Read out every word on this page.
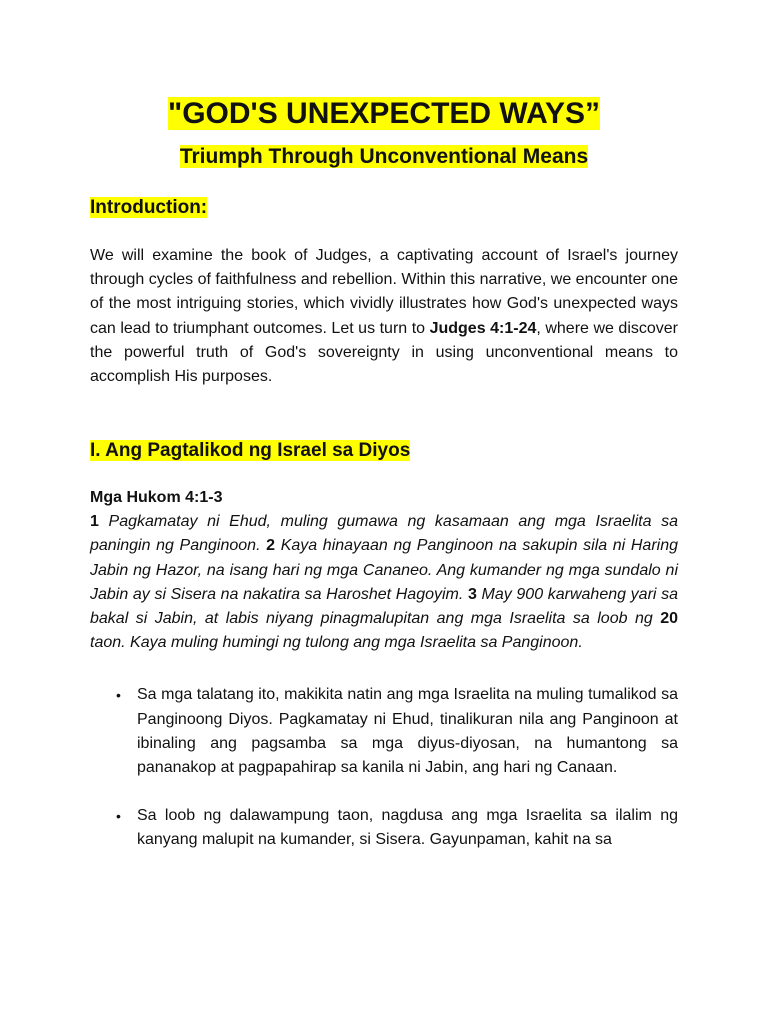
"GOD'S UNEXPECTED WAYS”
Triumph Through Unconventional Means
Introduction:

We will examine the book of Judges, a captivating account of Israel's journey through cycles of faithfulness and rebellion. Within this narrative, we encounter one of the most intriguing stories, which vividly illustrates how God's unexpected ways can lead to triumphant outcomes. Let us turn to Judges 4:1-24, where we discover the powerful truth of God's sovereignty in using unconventional means to accomplish His purposes.

I. Ang Pagtalikod ng Israel sa Diyos
Mga Hukom 4:1-3

1 Pagkamatay ni Ehud, muling gumawa ng kasamaan ang mga Israelita sa paningin ng Panginoon. 2 Kaya hinayaan ng Panginoon na sakupin sila ni Haring Jabin ng Hazor, na isang hari ng mga Cananeo. Ang kumander ng mga sundalo ni Jabin ay si Sisera na nakatira sa Haroshet Hagoyim. 3 May 900 karwaheng yari sa bakal si Jabin, at labis niyang pinagmalupitan ang mga Israelita sa loob ng 20 taon. Kaya muling humingi ng tulong ang mga Israelita sa Panginoon.

• Sa mga talatang ito, makikita natin ang mga Israelita na muling tumalikod sa Panginoong Diyos. Pagkamatay ni Ehud, tinalikuran nila ang Panginoon at ibinaling ang pagsamba sa mga diyus-diyosan, na humantong sa pananakop at pagpapahirap sa kanila ni Jabin, ang hari ng Canaan.
• Sa loob ng dalawampung taon, nagdusa ang mga Israelita sa ilalim ng kanyang malupit na kumander, si Sisera. Gayunpaman, kahit na sa
